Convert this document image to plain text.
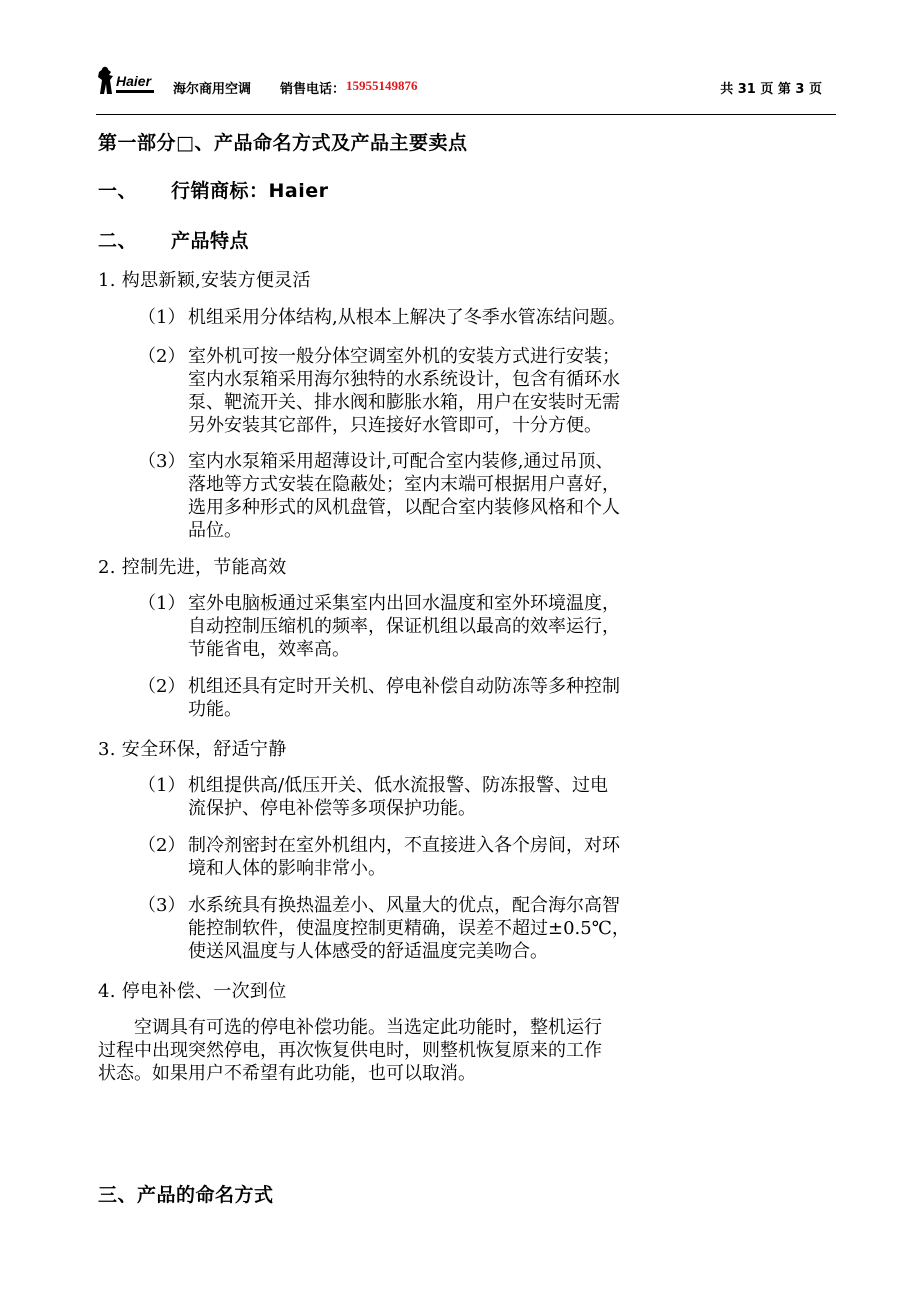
Haier
海尔商用空调 销售电话： 15955149876	共 31 页 第 3 页
第一部分□、产品命名方式及产品主要卖点
一、 行销商标：Haier
二、 产品特点
1. 构思新颖,安装方便灵活
（1） 机组采用分体结构,从根本上解决了冬季水管冻结问题。
（2） 室外机可按一般分体空调室外机的安装方式进行安装；
室内水泵箱采用海尔独特的水系统设计，包含有循环水
泵、靶流开关、排水阀和膨胀水箱，用户在安装时无需
另外安装其它部件，只连接好水管即可，十分方便。
（3） 室内水泵箱采用超薄设计,可配合室内装修,通过吊顶、
落地等方式安装在隐蔽处；室内末端可根据用户喜好，
选用多种形式的风机盘管，以配合室内装修风格和个人
品位。
2. 控制先进，节能高效
（1） 室外电脑板通过采集室内出回水温度和室外环境温度，
自动控制压缩机的频率，保证机组以最高的效率运行，
节能省电，效率高。
（2） 机组还具有定时开关机、停电补偿自动防冻等多种控制
功能。
3. 安全环保，舒适宁静
（1） 机组提供高/低压开关、低水流报警、防冻报警、过电
流保护、停电补偿等多项保护功能。
（2） 制冷剂密封在室外机组内，不直接进入各个房间，对环
境和人体的影响非常小。
（3） 水系统具有换热温差小、风量大的优点，配合海尔高智
能控制软件，使温度控制更精确，误差不超过±0.5℃，
使送风温度与人体感受的舒适温度完美吻合。
4. 停电补偿、一次到位
　　空调具有可选的停电补偿功能。当选定此功能时，整机运行
过程中出现突然停电，再次恢复供电时，则整机恢复原来的工作
状态。如果用户不希望有此功能，也可以取消。
三、产品的命名方式
